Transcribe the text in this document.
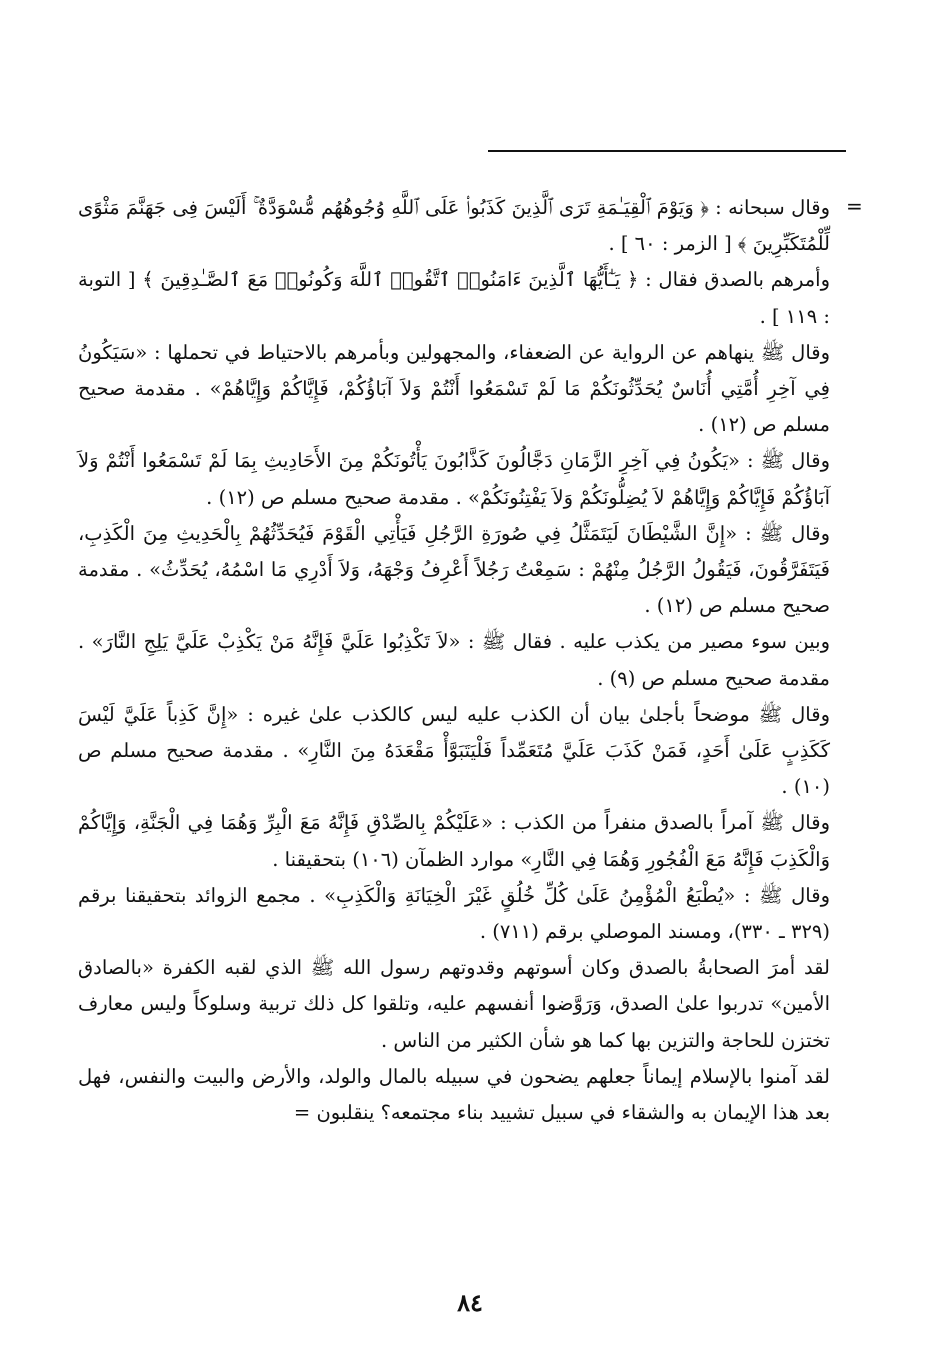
=

وقال سبحانه : ﴿ وَيَوْمَ ٱلْقِيَـٰمَةِ تَرَى ٱلَّذِينَ كَذَبُوا۟ عَلَى ٱللَّهِ وُجُوهُهُم مُّسْوَدَّةٌ ۚ أَلَيْسَ فِى جَهَنَّمَ مَثْوًى لِّلْمُتَكَبِّرِينَ ﴾ [ الزمر : ٦٠ ] .

وأمرهم بالصدق فقال : ﴿ يَـٰٓأَيُّهَا ٱلَّذِينَ ءَامَنُوا۟ ٱتَّقُوا۟ ٱللَّهَ وَكُونُوا۟ مَعَ ٱلصَّـٰدِقِينَ ﴾ [ التوبة : ١١٩ ] .

وقال ﷺ ينهاهم عن الرواية عن الضعفاء، والمجهولين وبأمرهم بالاحتياط في تحملها : «سَيَكُونُ فِي آخِرِ أُمَّتِي أُنَاسٌ يُحَدِّثُونَكُمْ مَا لَمْ تَسْمَعُوا أَنْتُمْ وَلاَ آبَاؤُكُمْ، فَإِيَّاكُمْ وَإِيَّاهُمْ» . مقدمة صحيح مسلم ص (١٢) .

وقال ﷺ : «يَكُونُ فِي آخِرِ الزَّمَانِ دَجَّالُونَ كَذَّابُونَ يَأْتُونَكُمْ مِنَ الأَحَادِيثِ بِمَا لَمْ تَسْمَعُوا أَنْتُمْ وَلاَ آبَاؤُكُمْ فَإِيَّاكُمْ وَإِيَّاهُمْ لاَ يُضِلُّونَكُمْ وَلاَ يَفْتِنُونَكُمْ» . مقدمة صحيح مسلم ص (١٢) .

وقال ﷺ : «إِنَّ الشَّيْطَانَ لَيَتَمَثَّلُ فِي صُورَةِ الرَّجُلِ فَيَأْتِي الْقَوْمَ فَيُحَدِّثُهُمْ بِالْحَدِيثِ مِنَ الْكَذِبِ، فَيَتَفَرَّقُونَ، فَيَقُولُ الرَّجُلُ مِنْهُمْ : سَمِعْتُ رَجُلاً أَعْرِفُ وَجْهَهُ، وَلاَ أَدْرِي مَا اسْمُهُ، يُحَدِّثُ» . مقدمة صحيح مسلم ص (١٢) .

وبين سوء مصير من يكذب عليه . فقال ﷺ : «لاَ تَكْذِبُوا عَلَيَّ فَإِنَّهُ مَنْ يَكْذِبْ عَلَيَّ يَلِجِ النَّارَ» . مقدمة صحيح مسلم ص (٩) .

وقال ﷺ موضحاً بأجلىٰ بيان أن الكذب عليه ليس كالكذب علىٰ غيره : «إِنَّ كَذِباً عَلَيَّ لَيْسَ كَكَذِبٍ عَلَىٰ أَحَدٍ، فَمَنْ كَذَبَ عَلَيَّ مُتَعَمِّداً فَلْيَتَبَوَّأْ مَقْعَدَهُ مِنَ النَّارِ» . مقدمة صحيح مسلم ص (١٠) .

وقال ﷺ آمراً بالصدق منفراً من الكذب : «عَلَيْكُمْ بِالصِّدْقِ فَإِنَّهُ مَعَ الْبِرِّ وَهُمَا فِي الْجَنَّةِ، وَإِيَّاكُمْ وَالْكَذِبَ فَإِنَّهُ مَعَ الْفُجُورِ وَهُمَا فِي النَّارِ» موارد الظمآن (١٠٦) بتحقيقنا .

وقال ﷺ : «يُطْبَعُ الْمُؤْمِنُ عَلَىٰ كُلِّ خُلُقٍ غَيْرَ الْخِيَانَةِ وَالْكَذِبِ» . مجمع الزوائد بتحقيقنا برقم (٣٢٩ ـ ٣٣٠)، ومسند الموصلي برقم (٧١١) .

لقد أمرَ الصحابةُ بالصدق وكان أسوتهم وقدوتهم رسول الله ﷺ الذي لقبه الكفرة «بالصادق الأمين» تدربوا علىٰ الصدق، وَرَوَّضوا أنفسهم عليه، وتلقوا كل ذلك تربية وسلوكاً وليس معارف تختزن للحاجة والتزين بها كما هو شأن الكثير من الناس .

لقد آمنوا بالإسلام إيماناً جعلهم يضحون في سبيله بالمال والولد، والأرض والبيت والنفس، فهل بعد هذا الإيمان به والشقاء في سبيل تشييد بناء مجتمعه؟ ينقلبون =

٨٤
